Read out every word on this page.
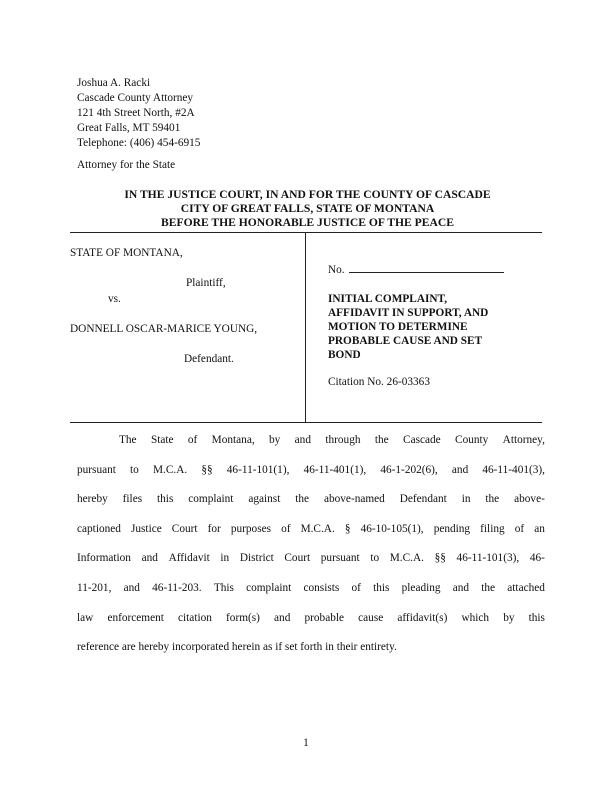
Joshua A. Racki
Cascade County Attorney
121 4th Street North, #2A
Great Falls, MT 59401
Telephone: (406) 454-6915
Attorney for the State
IN THE JUSTICE COURT, IN AND FOR THE COUNTY OF CASCADE
CITY OF GREAT FALLS, STATE OF MONTANA
BEFORE THE HONORABLE JUSTICE OF THE PEACE
STATE OF MONTANA,
Plaintiff,
vs.
DONNELL OSCAR-MARICE YOUNG,
Defendant.
No.
INITIAL COMPLAINT,
AFFIDAVIT IN SUPPORT, AND
MOTION TO DETERMINE
PROBABLE CAUSE AND SET
BOND
Citation No. 26-03363
The State of Montana, by and through the Cascade County Attorney,
pursuant to M.C.A. §§ 46-11-101(1), 46-11-401(1), 46-1-202(6), and 46-11-401(3),
hereby files this complaint against the above-named Defendant in the above-
captioned Justice Court for purposes of M.C.A. § 46-10-105(1), pending filing of an
Information and Affidavit in District Court pursuant to M.C.A. §§ 46-11-101(3), 46-
11-201, and 46-11-203. This complaint consists of this pleading and the attached
law enforcement citation form(s) and probable cause affidavit(s) which by this
reference are hereby incorporated herein as if set forth in their entirety.
1
